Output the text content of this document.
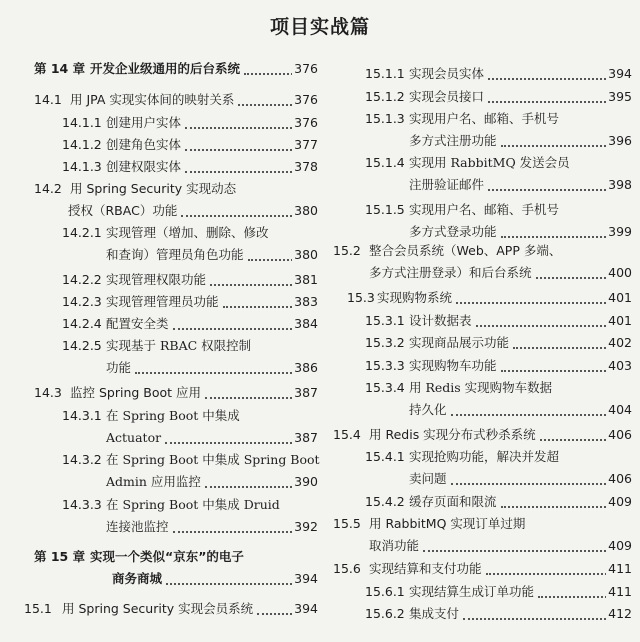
项目实战篇
第 14 章 开发企业级通用的后台系统	376
14.1 用 JPA 实现实体间的映射关系	376
14.1.1 创建用户实体	376
14.1.2 创建角色实体	377
14.1.3 创建权限实体	378
14.2 用 Spring Security 实现动态
授权（RBAC）功能	380
14.2.1 实现管理（增加、删除、修改
和查询）管理员角色功能	380
14.2.2 实现管理权限功能	381
14.2.3 实现管理管理员功能	383
14.2.4 配置安全类	384
14.2.5 实现基于 RBAC 权限控制
功能	386
14.3 监控 Spring Boot 应用	387
14.3.1 在 Spring Boot 中集成
Actuator	387
14.3.2 在 Spring Boot 中集成 Spring Boot
Admin 应用监控	390
14.3.3 在 Spring Boot 中集成 Druid
连接池监控	392
第 15 章 实现一个类似“京东”的电子
商务商城	394
15.1 用 Spring Security 实现会员系统	394
15.1.1 实现会员实体	394
15.1.2 实现会员接口	395
15.1.3 实现用户名、邮箱、手机号
多方式注册功能	396
15.1.4 实现用 RabbitMQ 发送会员
注册验证邮件	398
15.1.5 实现用户名、邮箱、手机号
多方式登录功能	399
15.2 整合会员系统（Web、APP 多端、
多方式注册登录）和后台系统	400
15.3 实现购物系统	401
15.3.1 设计数据表	401
15.3.2 实现商品展示功能	402
15.3.3 实现购物车功能	403
15.3.4 用 Redis 实现购物车数据
持久化	404
15.4 用 Redis 实现分布式秒杀系统	406
15.4.1 实现抢购功能，解决并发超
卖问题	406
15.4.2 缓存页面和限流	409
15.5 用 RabbitMQ 实现订单过期
取消功能	409
15.6 实现结算和支付功能	411
15.6.1 实现结算生成订单功能	411
15.6.2 集成支付	412
